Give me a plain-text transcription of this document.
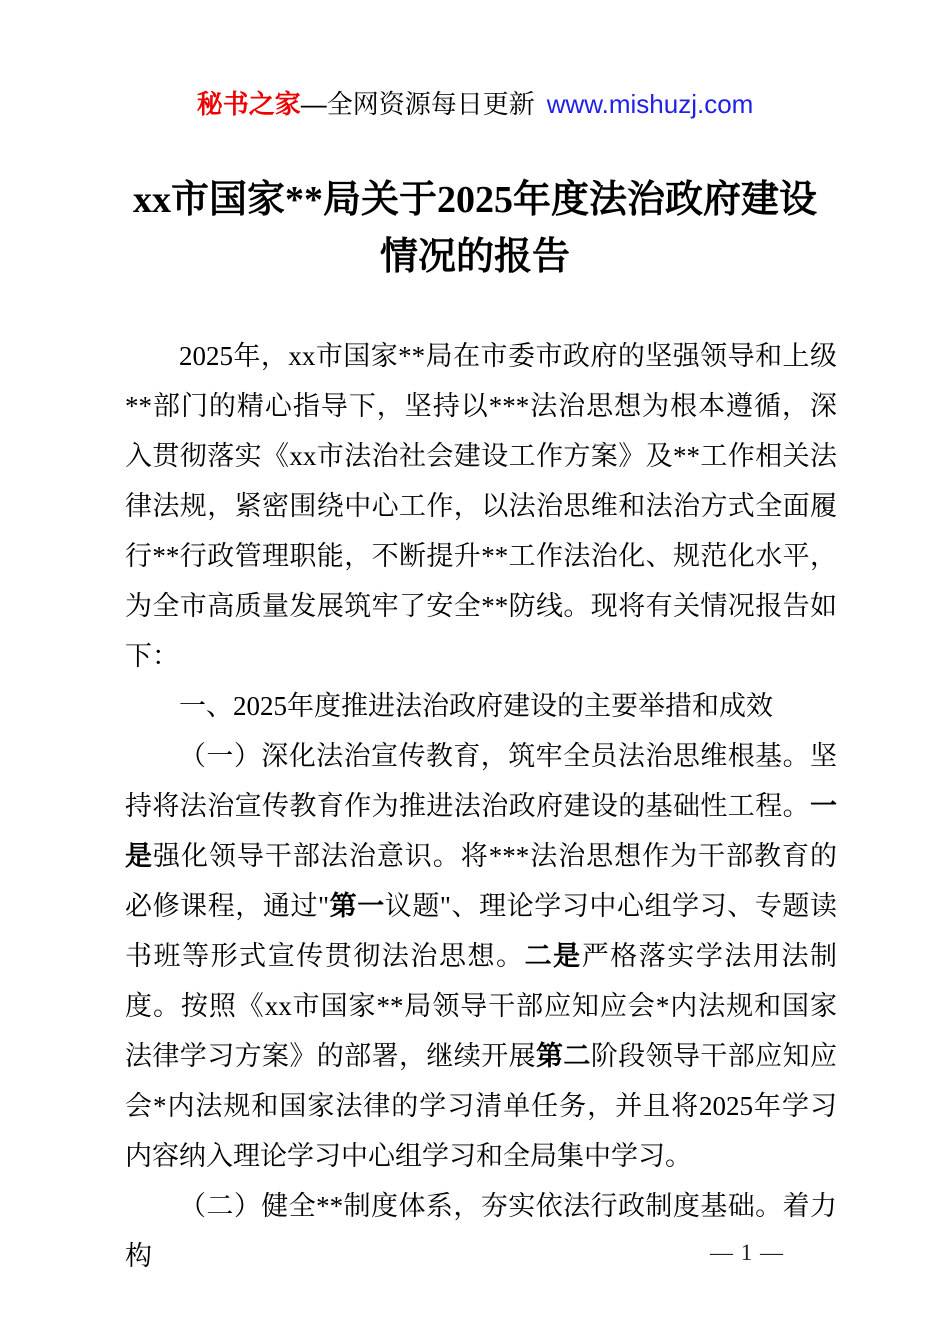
秘书之家—全网资源每日更新 www.mishuzj.com
xx市国家**局关于2025年度法治政府建设
情况的报告

2025年，xx市国家**局在市委市政府的坚强领导和上级**部门的精心指导下，坚持以***法治思想为根本遵循，深入贯彻落实《xx市法治社会建设工作方案》及**工作相关法律法规，紧密围绕中心工作，以法治思维和法治方式全面履行**行政管理职能，不断提升**工作法治化、规范化水平，为全市高质量发展筑牢了安全**防线。现将有关情况报告如下：

一、2025年度推进法治政府建设的主要举措和成效

（一）深化法治宣传教育，筑牢全员法治思维根基。坚持将法治宣传教育作为推进法治政府建设的基础性工程。一是强化领导干部法治意识。将***法治思想作为干部教育的必修课程，通过"第一议题"、理论学习中心组学习、专题读书班等形式宣传贯彻法治思想。二是严格落实学法用法制度。按照《xx市国家**局领导干部应知应会*内法规和国家法律学习方案》的部署，继续开展第二阶段领导干部应知应会*内法规和国家法律的学习清单任务，并且将2025年学习内容纳入理论学习中心组学习和全局集中学习。

（二）健全**制度体系，夯实依法行政制度基础。着力构	— 1 —
